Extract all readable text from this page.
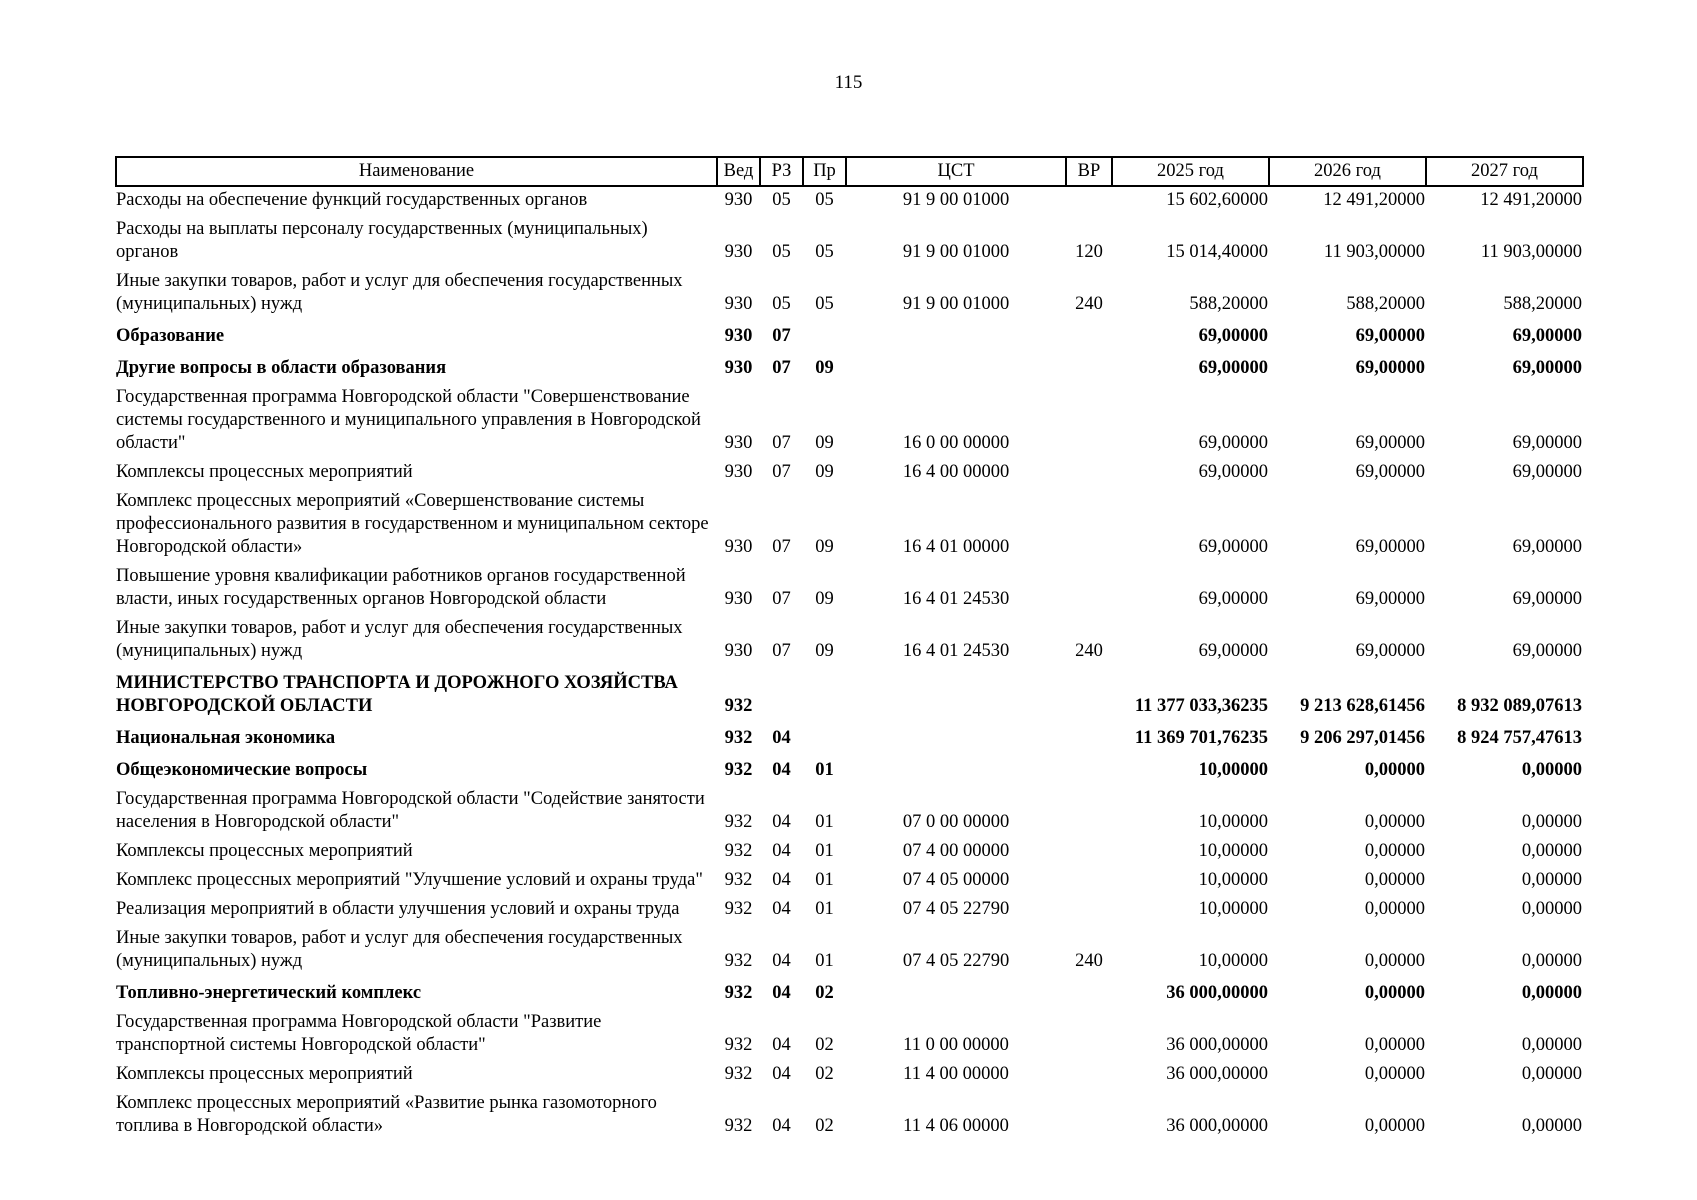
115
Наименование	Вед	РЗ	Пр	ЦСТ	ВР	2025 год	2026 год	2027 год
Расходы на обеспечение функций государственных органов	930	05	05	91 9 00 01000		15 602,60000	12 491,20000	12 491,20000
Расходы на выплаты персоналу государственных (муниципальных) органов	930	05	05	91 9 00 01000	120	15 014,40000	11 903,00000	11 903,00000
Иные закупки товаров, работ и услуг для обеспечения государственных (муниципальных) нужд	930	05	05	91 9 00 01000	240	588,20000	588,20000	588,20000
Образование	930	07				69,00000	69,00000	69,00000
Другие вопросы в области образования	930	07	09			69,00000	69,00000	69,00000
Государственная программа Новгородской области "Совершенствование системы государственного и муниципального управления в Новгородской области"	930	07	09	16 0 00 00000		69,00000	69,00000	69,00000
Комплексы процессных мероприятий	930	07	09	16 4 00 00000		69,00000	69,00000	69,00000
Комплекс процессных мероприятий «Совершенствование системы профессионального развития в государственном и муниципальном секторе Новгородской области»	930	07	09	16 4 01 00000		69,00000	69,00000	69,00000
Повышение уровня квалификации работников органов государственной власти, иных государственных органов Новгородской области	930	07	09	16 4 01 24530		69,00000	69,00000	69,00000
Иные закупки товаров, работ и услуг для обеспечения государственных (муниципальных) нужд	930	07	09	16 4 01 24530	240	69,00000	69,00000	69,00000
МИНИСТЕРСТВО ТРАНСПОРТА И ДОРОЖНОГО ХОЗЯЙСТВА НОВГОРОДСКОЙ ОБЛАСТИ	932					11 377 033,36235	9 213 628,61456	8 932 089,07613
Национальная экономика	932	04				11 369 701,76235	9 206 297,01456	8 924 757,47613
Общеэкономические вопросы	932	04	01			10,00000	0,00000	0,00000
Государственная программа Новгородской области "Содействие занятости населения в Новгородской области"	932	04	01	07 0 00 00000		10,00000	0,00000	0,00000
Комплексы процессных мероприятий	932	04	01	07 4 00 00000		10,00000	0,00000	0,00000
Комплекс процессных мероприятий "Улучшение условий и охраны труда"	932	04	01	07 4 05 00000		10,00000	0,00000	0,00000
Реализация мероприятий в области улучшения условий и охраны труда	932	04	01	07 4 05 22790		10,00000	0,00000	0,00000
Иные закупки товаров, работ и услуг для обеспечения государственных (муниципальных) нужд	932	04	01	07 4 05 22790	240	10,00000	0,00000	0,00000
Топливно-энергетический комплекс	932	04	02			36 000,00000	0,00000	0,00000
Государственная программа Новгородской области "Развитие транспортной системы Новгородской области"	932	04	02	11 0 00 00000		36 000,00000	0,00000	0,00000
Комплексы процессных мероприятий	932	04	02	11 4 00 00000		36 000,00000	0,00000	0,00000
Комплекс процессных мероприятий «Развитие рынка газомоторного топлива в Новгородской области»	932	04	02	11 4 06 00000		36 000,00000	0,00000	0,00000
